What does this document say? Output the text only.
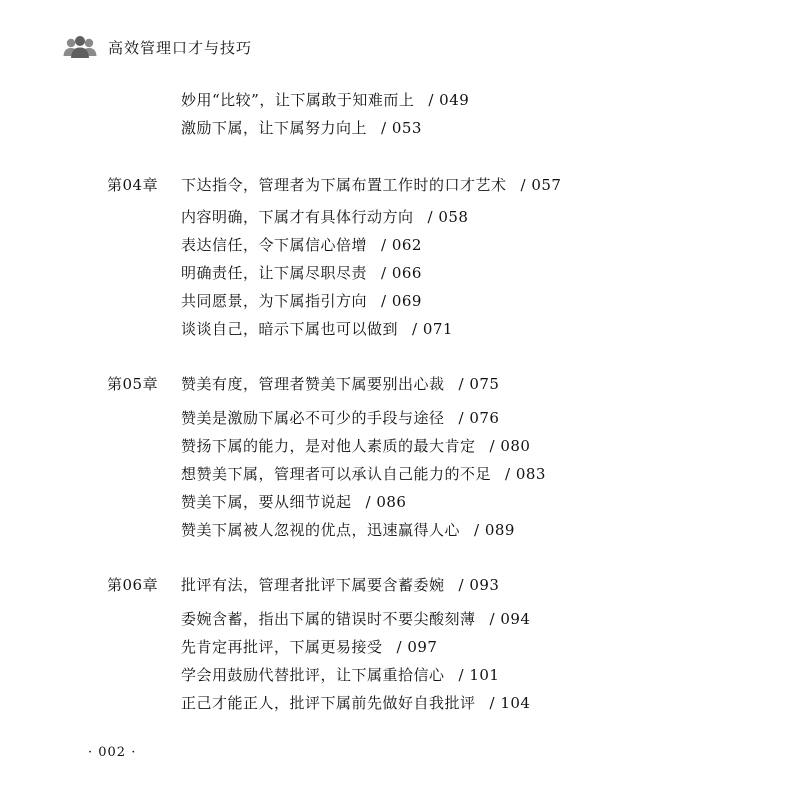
高效管理口才与技巧
妙用“比较”，让下属敢于知难而上 / 049
激励下属，让下属努力向上 / 053
第04章 下达指令，管理者为下属布置工作时的口才艺术 / 057
内容明确，下属才有具体行动方向 / 058
表达信任，令下属信心倍增 / 062
明确责任，让下属尽职尽责 / 066
共同愿景，为下属指引方向 / 069
谈谈自己，暗示下属也可以做到 / 071
第05章 赞美有度，管理者赞美下属要别出心裁 / 075
赞美是激励下属必不可少的手段与途径 / 076
赞扬下属的能力，是对他人素质的最大肯定 / 080
想赞美下属，管理者可以承认自己能力的不足 / 083
赞美下属，要从细节说起 / 086
赞美下属被人忽视的优点，迅速赢得人心 / 089
第06章 批评有法，管理者批评下属要含蓄委婉 / 093
委婉含蓄，指出下属的错误时不要尖酸刻薄 / 094
先肯定再批评，下属更易接受 / 097
学会用鼓励代替批评，让下属重拾信心 / 101
正己才能正人，批评下属前先做好自我批评 / 104
· 002 ·
